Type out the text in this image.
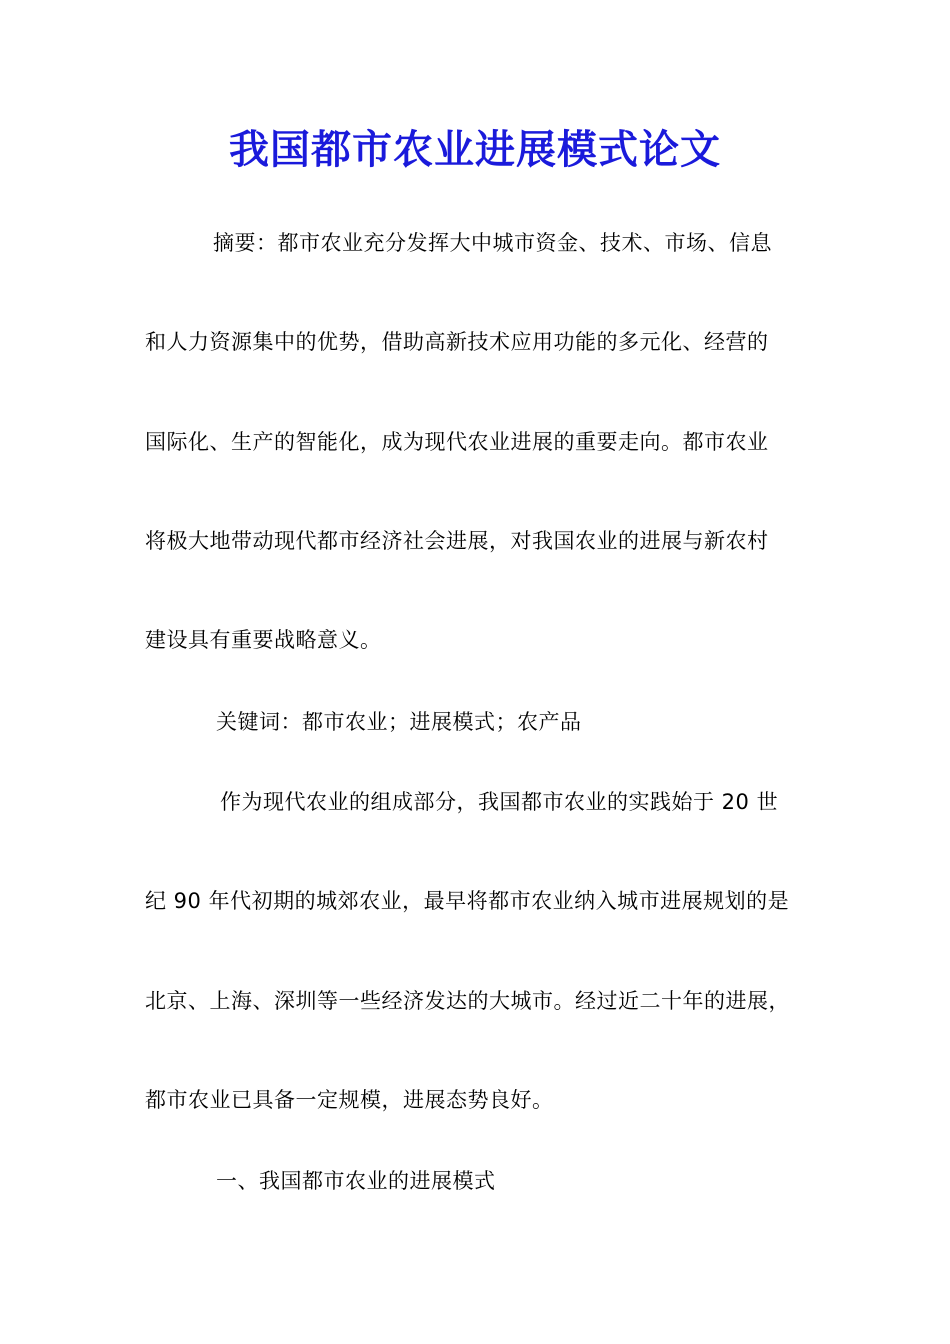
我国都市农业进展模式论文
摘要：都市农业充分发挥大中城市资金、技术、市场、信息
和人力资源集中的优势，借助高新技术应用功能的多元化、经营的
国际化、生产的智能化，成为现代农业进展的重要走向。都市农业
将极大地带动现代都市经济社会进展，对我国农业的进展与新农村
建设具有重要战略意义。
关键词：都市农业；进展模式；农产品
作为现代农业的组成部分，我国都市农业的实践始于 20 世
纪 90 年代初期的城郊农业，最早将都市农业纳入城市进展规划的是
北京、上海、深圳等一些经济发达的大城市。经过近二十年的进展，
都市农业已具备一定规模，进展态势良好。
一、我国都市农业的进展模式
